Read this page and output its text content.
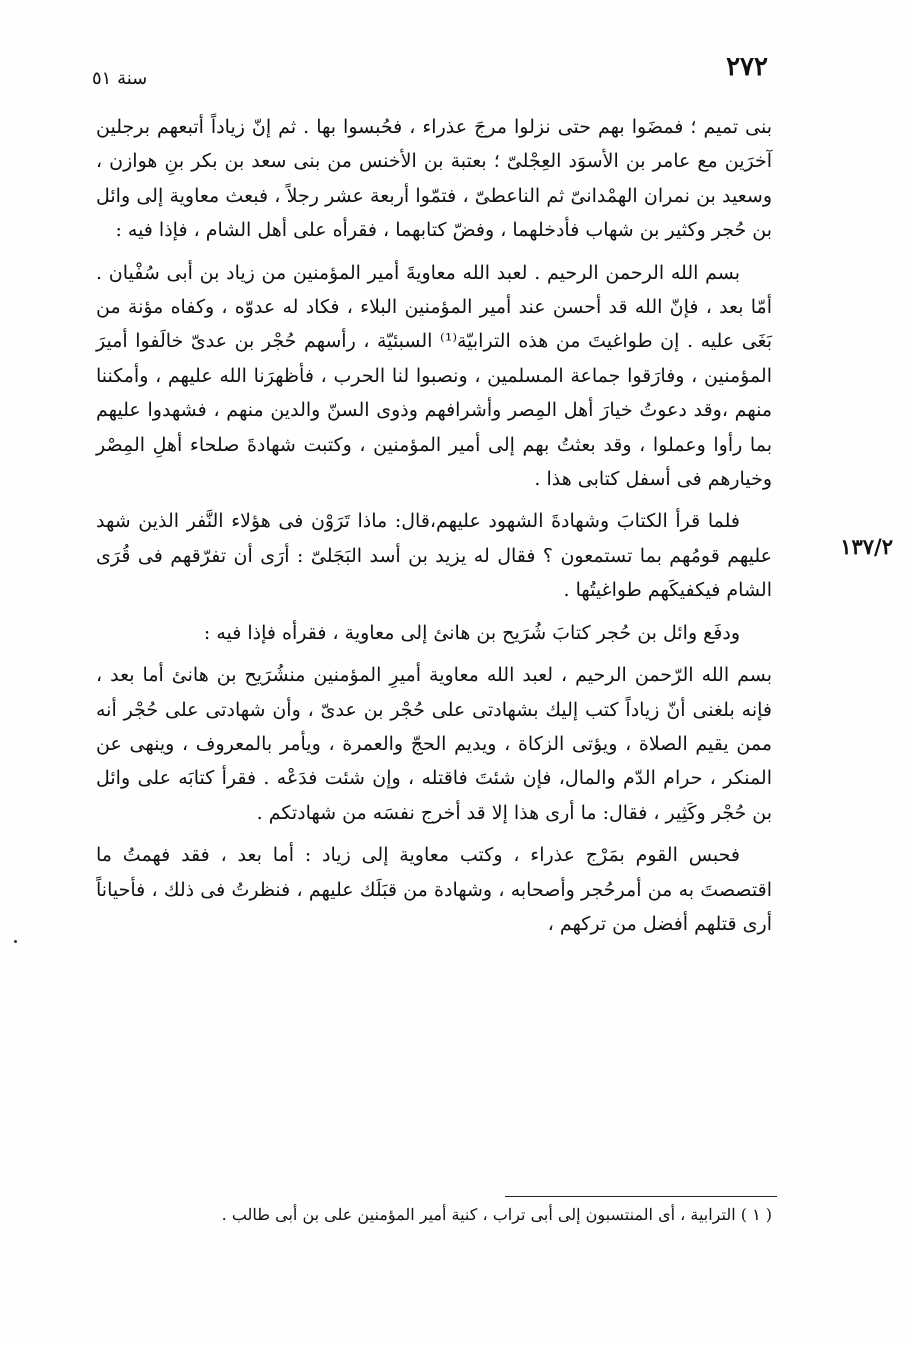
٢٧٢
سنة ٥١
١٣٧/٢

بنى تميم ؛ فمضَوا بهم حتى نزلوا مرجَ عذراء ، فحُبسوا بها . ثم إنّ زياداً أتبعهم برجلين آخرَين مع عامر بن الأسوَد العِجْلىّ ؛ بعتبة بن الأخنس من بنى سعد بن بكر بنِ هوازن ، وسعيد بن نمران الهمْدانىّ ثم الناعطىّ ، فتمّوا أربعة عشر رجلاً ، فبعث معاوية إلى وائل بن حُجر وكثير بن شهاب فأدخلهما ، وفضّ كتابهما ، فقرأه على أهل الشام ، فإذا فيه :

بسم الله الرحمن الرحيم . لعبد الله معاويةَ أمير المؤمنين من زياد بن أبى سُفْيان . أمّا بعد ، فإنّ الله قد أحسن عند أمير المؤمنين البلاء ، فكاد له عدوّه ، وكفاه مؤنة من بَغَى عليه . إن طواغيتَ من هذه الترابيّة⁽¹⁾ السبئيّة ، رأسهم حُجْر بن عدىّ خالَفوا أميرَ المؤمنين ، وفارَقوا جماعة المسلمين ، ونصبوا لنا الحرب ، فأظهرَنا الله عليهم ، وأمكننا منهم ،وقد دعوتُ خيارَ أهل المِصر وأشرافهم وذوى السنّ والدين منهم ، فشهدوا عليهم بما رأوا وعملوا ، وقد بعثتُ بهم إلى أمير المؤمنين ، وكتبت شهادةَ صلحاء أهلِ المِصْر وخيارهم فى أسفل كتابى هذا .

فلما قرأ الكتابَ وشهادةَ الشهود عليهم،قال: ماذا تَرَوْن فى هؤلاء النَّفر الذين شهد عليهم قومُهم بما تستمعون ؟ فقال له يزيد بن أسد البَجَلىّ : أرَى أن تفرّقهم فى قُرَى الشام فيكفيكَهم طواغيتُها .

ودفَع وائل بن حُجر كتابَ شُرَيح بن هانئ إلى معاوية ، فقرأه فإذا فيه :

بسم الله الرّحمن الرحيم ، لعبد الله معاوية أميرِ المؤمنين منشُرَيح بن هانئ أما بعد ، فإنه بلغنى أنّ زياداً كتب إليك بشهادتى على حُجْر بن عدىّ ، وأن شهادتى على حُجْر أنه ممن يقيم الصلاة ، ويؤتى الزكاة ، ويديم الحجّ والعمرة ، ويأمر بالمعروف ، وينهى عن المنكر ، حرام الدّم والمال، فإن شئتَ فاقتله ، وإن شئت فدَعْه . فقرأ كتابَه على وائل بن حُجْر وكَثِير ، فقال: ما أرى هذا إلا قد أخرج نفسَه من شهادتكم .

فحبس القوم بمَرْج عذراء ، وكتب معاوية إلى زياد : أما بعد ، فقد فهمتُ ما اقتصصتَ به من أمرحُجر وأصحابه ، وشهادة من قبَلَك عليهم ، فنظرتُ فى ذلك ، فأحياناً أرى قتلهم أفضل من تركهم ،

( ١ ) الترابية ، أى المنتسبون إلى أبى تراب ، كنية أمير المؤمنين على بن أبى طالب .
